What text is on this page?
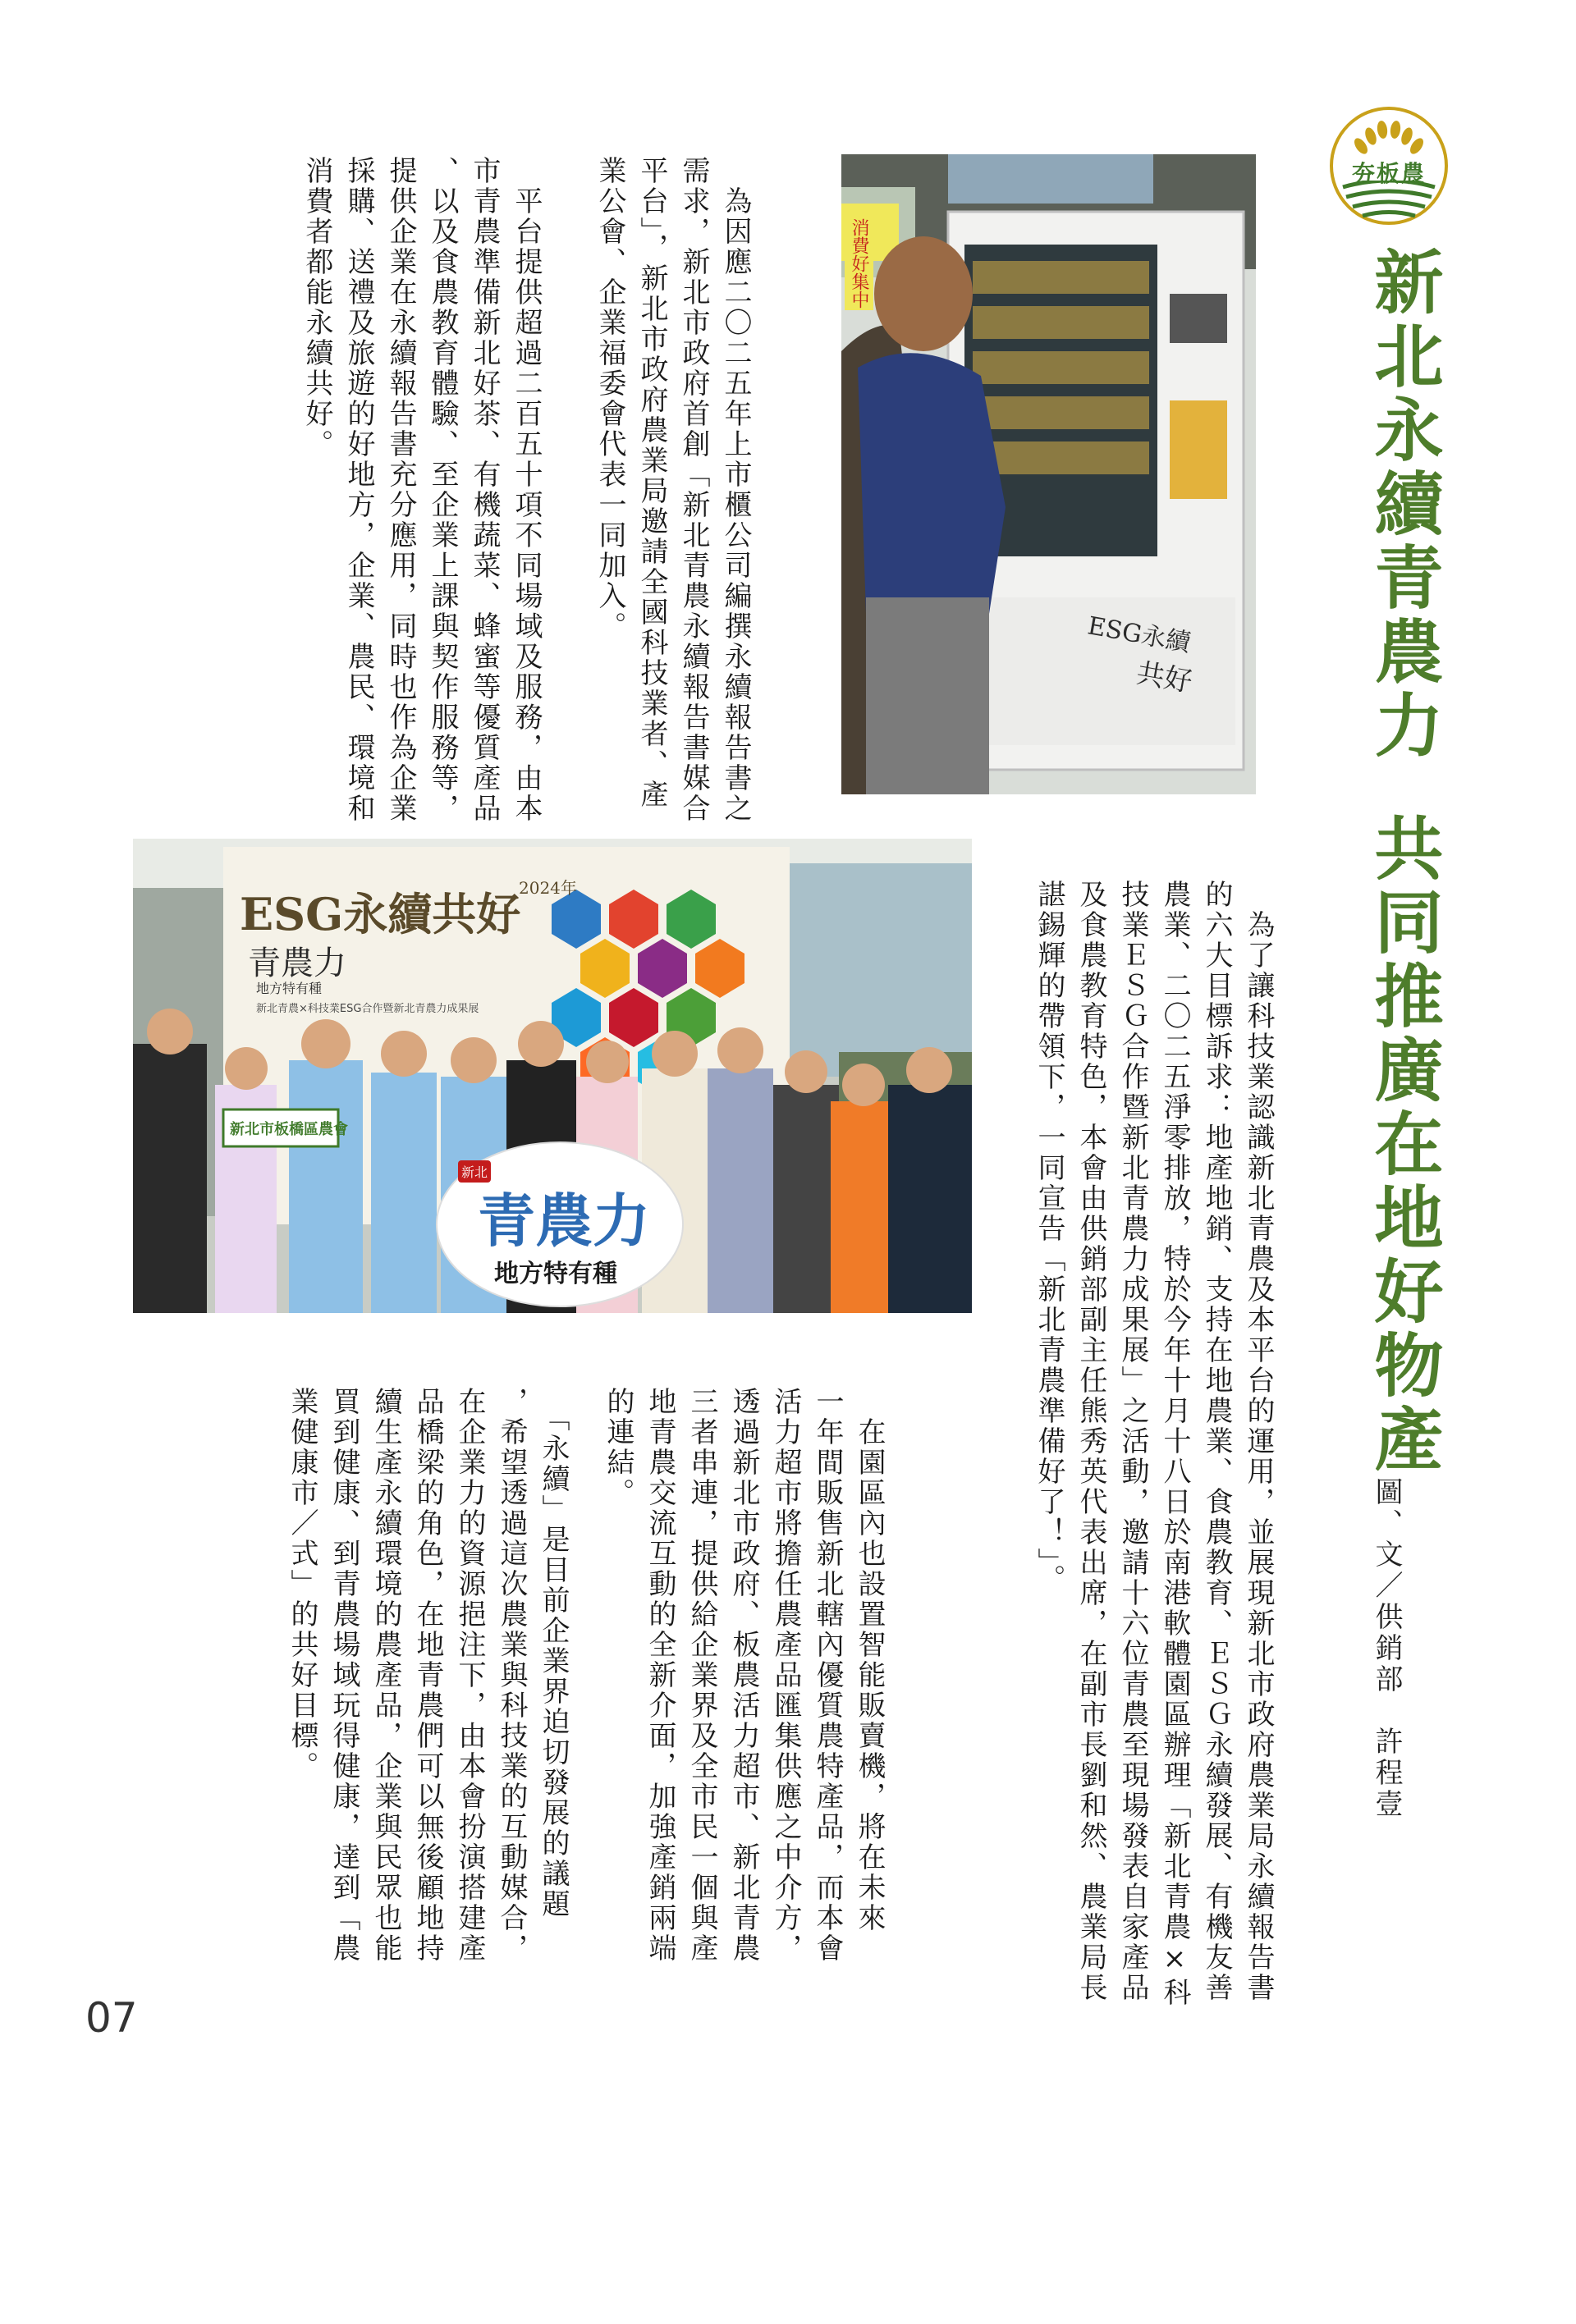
夯板農
新北永續青農力
共同推廣在地好物產
圖、文／供銷部　許程壹
　為了讓科技業認識新北青農及本平台的運用，並展現新北市政府農業局永續報告書
的六大目標訴求：地產地銷、支持在地農業、食農教育、ＥＳＧ永續發展、有機友善
農業、二〇二五淨零排放，特於今年十月十八日於南港軟體園區辦理「新北青農×科
技業ＥＳＧ合作暨新北青農力成果展」之活動，邀請十六位青農至現場發表自家產品
及食農教育特色，本會由供銷部副主任熊秀英代表出席，在副市長劉和然、農業局長
諶錫輝的帶領下，一同宣告「新北青農準備好了！」。
　為因應二〇二五年上市櫃公司編撰永續報告書之
需求，新北市政府首創「新北青農永續報告書媒合
平台」，新北市政府農業局邀請全國科技業者、產
業公會、企業福委會代表一同加入。
　平台提供超過二百五十項不同場域及服務，由本
市青農準備新北好茶、有機蔬菜、蜂蜜等優質產品
、以及食農教育體驗、至企業上課與契作服務等，
提供企業在永續報告書充分應用，同時也作為企業
採購、送禮及旅遊的好地方，企業、農民、環境和
消費者都能永續共好。
　在園區內也設置智能販賣機，將在未來
一年間販售新北轄內優質農特產品，而本會
活力超市將擔任農產品匯集供應之中介方，
透過新北市政府、板農活力超市、新北青農
三者串連，提供給企業界及全市民一個與產
地青農交流互動的全新介面，加強產銷兩端
的連結。
　「永續」是目前企業界迫切發展的議題
，希望透過這次農業與科技業的互動媒合，
在企業力的資源挹注下，由本會扮演搭建產
品橋梁的角色，在地青農們可以無後顧地持
續生產永續環境的農產品，企業與民眾也能
買到健康、到青農場域玩得健康，達到「農
業健康市／式」的共好目標。
消費好集中
ESG永續
共好
ESG永續共好
2024年
青農力
地方特有種
新北青農×科技業ESG合作暨新北青農力成果展
新北市板橋區農會
新北
青農力
地方特有種
07
